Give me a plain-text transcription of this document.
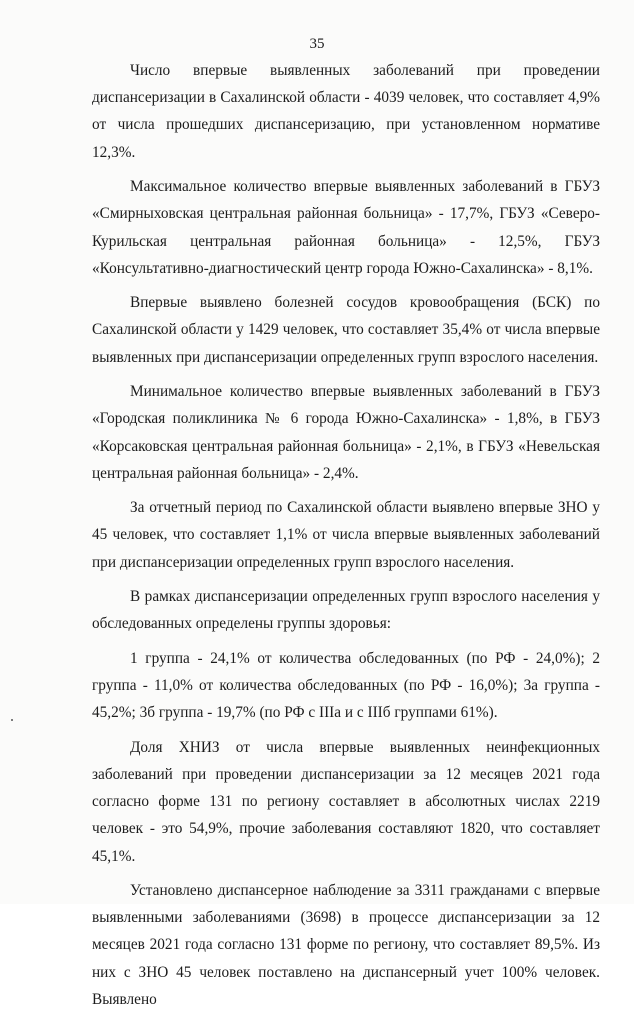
35

Число впервые выявленных заболеваний при проведении диспансеризации в Сахалинской области - 4039 человек, что составляет 4,9% от числа прошедших диспансеризацию, при установленном нормативе 12,3%.

Максимальное количество впервые выявленных заболеваний в ГБУЗ «Смирныховская центральная районная больница» - 17,7%, ГБУЗ «Северо-Курильская центральная районная больница» - 12,5%, ГБУЗ «Консультативно-диагностический центр города Южно-Сахалинска» - 8,1%.

Впервые выявлено болезней сосудов кровообращения (БСК) по Сахалинской области у 1429 человек, что составляет 35,4% от числа впервые выявленных при диспансеризации определенных групп взрослого населения.

Минимальное количество впервые выявленных заболеваний в ГБУЗ «Городская поликлиника № 6 города Южно-Сахалинска» - 1,8%, в ГБУЗ «Корсаковская центральная районная больница» - 2,1%, в ГБУЗ «Невельская центральная районная больница» - 2,4%.

За отчетный период по Сахалинской области выявлено впервые ЗНО у 45 человек, что составляет 1,1% от числа впервые выявленных заболеваний при диспансеризации определенных групп взрослого населения.

В рамках диспансеризации определенных групп взрослого населения у обследованных определены группы здоровья:

1 группа - 24,1% от количества обследованных (по РФ - 24,0%); 2 группа - 11,0% от количества обследованных (по РФ - 16,0%); 3а группа - 45,2%; 3б группа - 19,7% (по РФ с IIIа и с IIIб группами 61%).

Доля ХНИЗ от числа впервые выявленных неинфекционных заболеваний при проведении диспансеризации за 12 месяцев 2021 года согласно форме 131 по региону составляет в абсолютных числах 2219 человек - это 54,9%, прочие заболевания составляют 1820, что составляет 45,1%.

Установлено диспансерное наблюдение за 3311 гражданами с впервые выявленными заболеваниями (3698) в процессе диспансеризации за 12 месяцев 2021 года согласно 131 форме по региону, что составляет 89,5%. Из них с ЗНО 45 человек поставлено на диспансерный учет 100% человек. Выявлено
